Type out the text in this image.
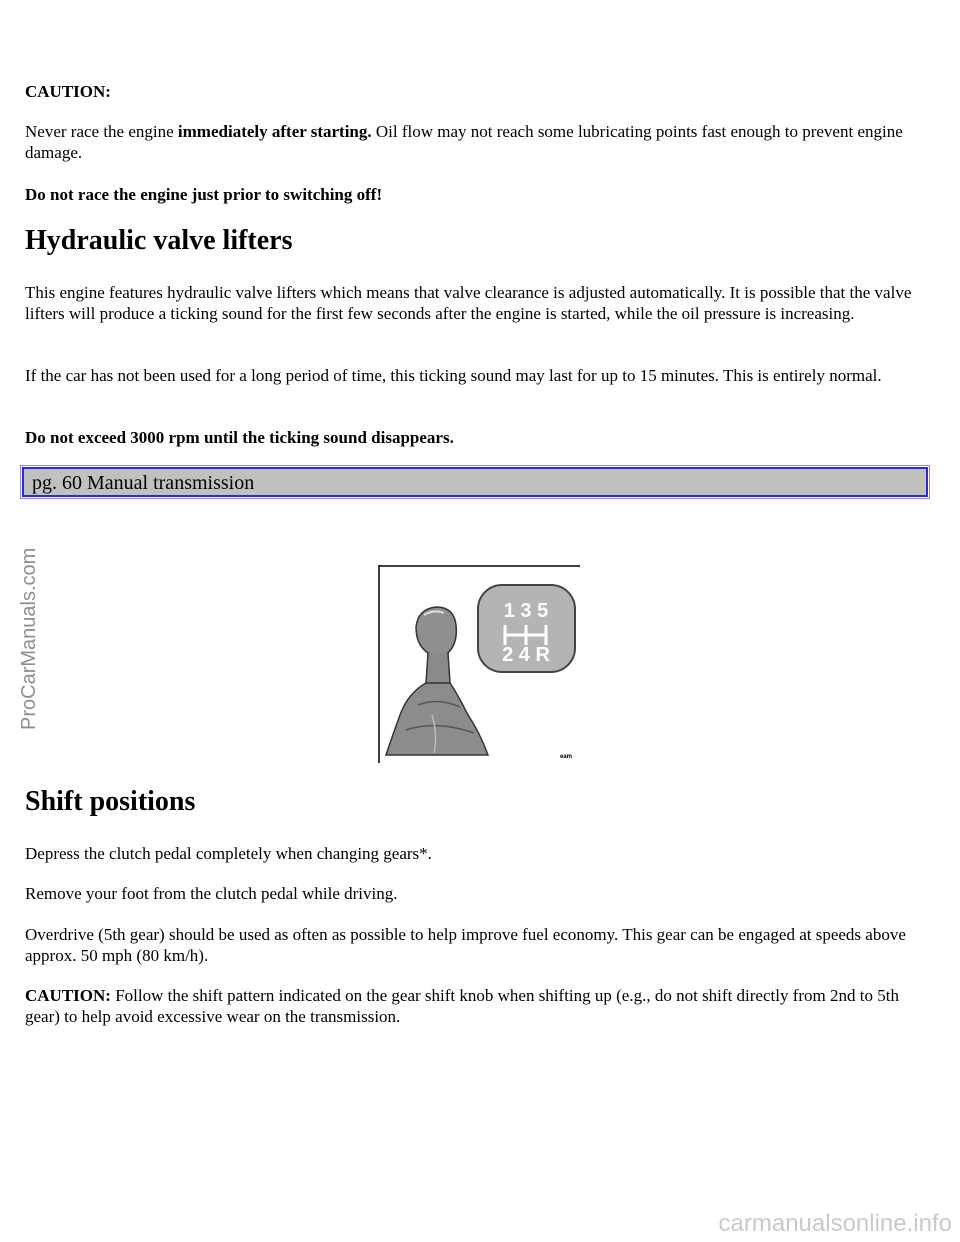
CAUTION:

Never race the engine immediately after starting. Oil flow may not reach some lubricating points fast enough to prevent engine damage.

Do not race the engine just prior to switching off!

Hydraulic valve lifters

This engine features hydraulic valve lifters which means that valve clearance is adjusted automatically. It is possible that the valve lifters will produce a ticking sound for the first few seconds after the engine is started, while the oil pressure is increasing.

If the car has not been used for a long period of time, this ticking sound may last for up to 15 minutes. This is entirely normal.

Do not exceed 3000 rpm until the ticking sound disappears.

Shift positions

Depress the clutch pedal completely when changing gears*.

Remove your foot from the clutch pedal while driving.

Overdrive (5th gear) should be used as often as possible to help improve fuel economy. This gear can be engaged at speeds above approx. 50 mph (80 km/h).

CAUTION: Follow the shift pattern indicated on the gear shift knob when shifting up (e.g., do not shift directly from 2nd to 5th gear) to help avoid excessive wear on the transmission.

pg. 60 Manual transmission
1 3 5
2 4 R
ᵉᵃᵐ
ProCarManuals.com
carmanualsonline.info
